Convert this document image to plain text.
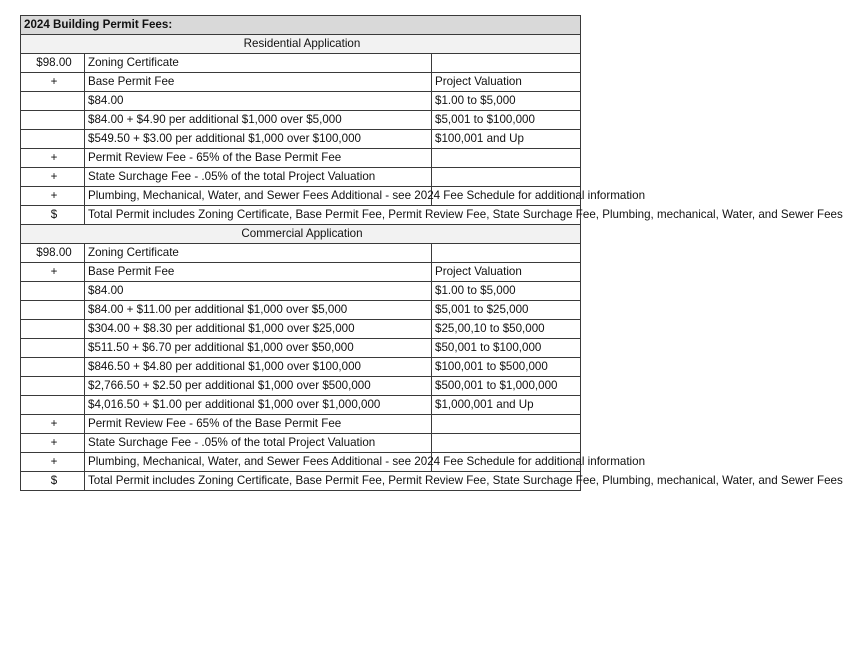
2024 Building Permit Fees:		
Residential Application		
$98.00	Zoning Certificate	
+	Base Permit Fee	Project Valuation
	$84.00	$1.00 to $5,000
	$84.00 + $4.90 per additional $1,000 over $5,000	$5,001 to $100,000
	$549.50 + $3.00 per additional $1,000 over $100,000	$100,001 and Up
+	Permit Review Fee - 65% of the Base Permit Fee	
+	State Surchage Fee - .05% of the total Project Valuation	
+	Plumbing, Mechanical, Water, and Sewer Fees Additional - see 2024 Fee Schedule for additional information	
$	Total Permit includes Zoning Certificate, Base Permit Fee, Permit Review Fee, State Surchage Fee, Plumbing, mechanical, Water, and Sewer Fees	
Commercial Application		
$98.00	Zoning Certificate	
+	Base Permit Fee	Project Valuation
	$84.00	$1.00 to $5,000
	$84.00 + $11.00 per additional $1,000 over $5,000	$5,001 to $25,000
	$304.00 + $8.30 per additional $1,000 over $25,000	$25,00,10 to $50,000
	$511.50 + $6.70 per additional $1,000 over $50,000	$50,001 to $100,000
	$846.50 + $4.80 per additional $1,000 over $100,000	$100,001 to $500,000
	$2,766.50 + $2.50 per additional $1,000 over $500,000	$500,001 to $1,000,000
	$4,016.50 + $1.00 per additional $1,000 over $1,000,000	$1,000,001 and Up
+	Permit Review Fee - 65% of the Base Permit Fee	
+	State Surchage Fee - .05% of the total Project Valuation	
+	Plumbing, Mechanical, Water, and Sewer Fees Additional - see 2024 Fee Schedule for additional information	
$	Total Permit includes Zoning Certificate, Base Permit Fee, Permit Review Fee, State Surchage Fee, Plumbing, mechanical, Water, and Sewer Fees	
